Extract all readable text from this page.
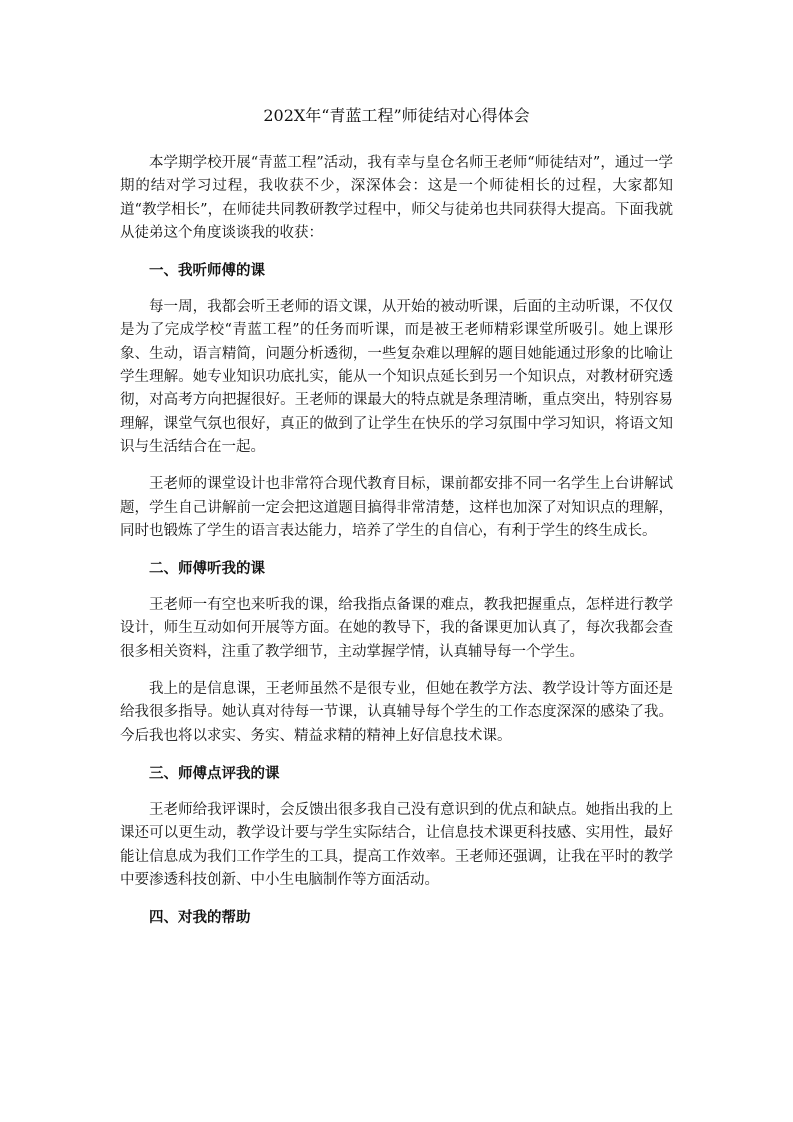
202X年“青蓝工程”师徒结对心得体会

本学期学校开展“青蓝工程”活动，我有幸与皇仓名师王老师“师徒结对”，通过一学期的结对学习过程，我收获不少，深深体会：这是一个师徒相长的过程，大家都知道“教学相长”，在师徒共同教研教学过程中，师父与徒弟也共同获得大提高。下面我就从徒弟这个角度谈谈我的收获：

一、我听师傅的课

每一周，我都会听王老师的语文课，从开始的被动听课，后面的主动听课，不仅仅是为了完成学校“青蓝工程”的任务而听课，而是被王老师精彩课堂所吸引。她上课形象、生动，语言精简，问题分析透彻，一些复杂难以理解的题目她能通过形象的比喻让学生理解。她专业知识功底扎实，能从一个知识点延长到另一个知识点，对教材研究透彻，对高考方向把握很好。王老师的课最大的特点就是条理清晰，重点突出，特别容易理解，课堂气氛也很好，真正的做到了让学生在快乐的学习氛围中学习知识，将语文知识与生活结合在一起。

王老师的课堂设计也非常符合现代教育目标，课前都安排不同一名学生上台讲解试题，学生自己讲解前一定会把这道题目搞得非常清楚，这样也加深了对知识点的理解，同时也锻炼了学生的语言表达能力，培养了学生的自信心，有利于学生的终生成长。

二、师傅听我的课

王老师一有空也来听我的课，给我指点备课的难点，教我把握重点，怎样进行教学设计，师生互动如何开展等方面。在她的教导下，我的备课更加认真了，每次我都会查很多相关资料，注重了教学细节，主动掌握学情，认真辅导每一个学生。

我上的是信息课，王老师虽然不是很专业，但她在教学方法、教学设计等方面还是给我很多指导。她认真对待每一节课，认真辅导每个学生的工作态度深深的感染了我。今后我也将以求实、务实、精益求精的精神上好信息技术课。

三、师傅点评我的课

王老师给我评课时，会反馈出很多我自己没有意识到的优点和缺点。她指出我的上课还可以更生动，教学设计要与学生实际结合，让信息技术课更科技感、实用性，最好能让信息成为我们工作学生的工具，提高工作效率。王老师还强调，让我在平时的教学中要渗透科技创新、中小生电脑制作等方面活动。

四、对我的帮助
